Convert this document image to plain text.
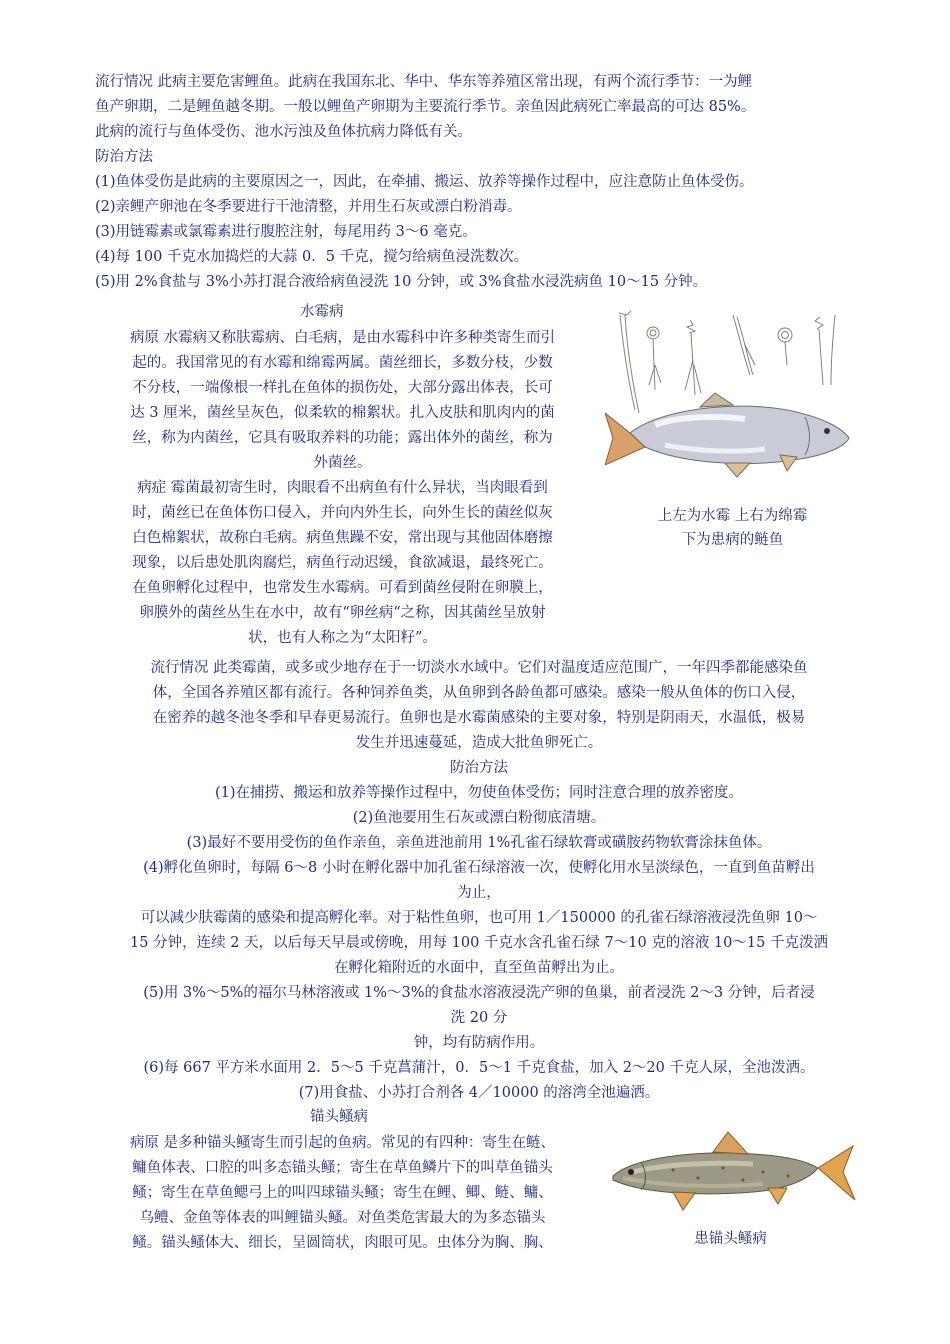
流行情况 此病主要危害鲤鱼。此病在我国东北、华中、华东等养殖区常出现，有两个流行季节：一为鲤
鱼产卵期，二是鲤鱼越冬期。一般以鲤鱼产卵期为主要流行季节。亲鱼因此病死亡率最高的可达 85%。
此病的流行与鱼体受伤、池水污浊及鱼体抗病力降低有关。
防治方法
(1)鱼体受伤是此病的主要原因之一，因此，在牵捕、搬运、放养等操作过程中，应注意防止鱼体受伤。
(2)亲鲤产卵池在冬季要进行干池清整，并用生石灰或漂白粉消毒。
(3)用链霉素或氯霉素进行腹腔注射，每尾用药 3～6 毫克。
(4)每 100 千克水加捣烂的大蒜 0．5 千克，搅匀给病鱼浸洗数次。
(5)用 2%食盐与 3%小苏打混合液给病鱼浸洗 10 分钟，或 3%食盐水浸洗病鱼 10～15 分钟。
水霉病
病原 水霉病又称肤霉病、白毛病，是由水霉科中许多种类寄生而引
起的。我国常见的有水霉和绵霉两属。菌丝细长，多数分枝，少数
不分枝，一端像根一样扎在鱼体的损伤处，大部分露出体表，长可
达 3 厘米，菌丝呈灰色，似柔软的棉絮状。扎入皮肤和肌肉内的菌
丝，称为内菌丝，它具有吸取养料的功能；露出体外的菌丝，称为
外菌丝。
病症 霉菌最初寄生时，肉眼看不出病鱼有什么异状，当肉眼看到
时，菌丝已在鱼体伤口侵入，并向内外生长，向外生长的菌丝似灰
白色棉絮状，故称白毛病。病鱼焦躁不安，常出现与其他固体磨擦
现象，以后患处肌肉腐烂，病鱼行动迟缓，食欲减退，最终死亡。
在鱼卵孵化过程中，也常发生水霉病。可看到菌丝侵附在卵膜上，
卵膜外的菌丝丛生在水中，故有“卵丝病“之称，因其菌丝呈放射
状，也有人称之为“太阳籽”。
上左为水霉 上右为绵霉
下为患病的鲢鱼
流行情况 此类霉菌，或多或少地存在于一切淡水水域中。它们对温度适应范围广，一年四季都能感染鱼
体，全国各养殖区都有流行。各种饲养鱼类，从鱼卵到各龄鱼都可感染。感染一般从鱼体的伤口入侵，
在密养的越冬池冬季和早春更易流行。鱼卵也是水霉菌感染的主要对象，特别是阴雨天，水温低，极易
发生并迅速蔓延，造成大批鱼卵死亡。
防治方法
(1)在捕捞、搬运和放养等操作过程中，勿使鱼体受伤；同时注意合理的放养密度。
(2)鱼池要用生石灰或漂白粉彻底清塘。
(3)最好不要用受伤的鱼作亲鱼，亲鱼进池前用 1%孔雀石绿软膏或磺胺药物软膏涂抹鱼体。
(4)孵化鱼卵时，每隔 6～8 小时在孵化器中加孔雀石绿溶液一次，使孵化用水呈淡绿色，一直到鱼苗孵出
为止，
可以减少肤霉菌的感染和提高孵化率。对于粘性鱼卵，也可用 1／150000 的孔雀石绿溶液浸洗鱼卵 10～
15 分钟，连续 2 天，以后每天早晨或傍晚，用每 100 千克水含孔雀石绿 7～10 克的溶液 10～15 千克泼洒
在孵化箱附近的水面中，直至鱼苗孵出为止。
(5)用 3%～5%的福尔马林溶液或 1%～3%的食盐水溶液浸洗产卵的鱼巢，前者浸洗 2～3 分钟，后者浸
洗 20 分
钟，均有防病作用。
(6)每 667 平方米水面用 2．5～5 千克菖蒲汁，0．5～1 千克食盐，加入 2～20 千克人尿，全池泼洒。
(7)用食盐、小苏打合剂各 4／10000 的溶湾全池遍洒。
锚头鳋病
病原 是多种锚头鳋寄生而引起的鱼病。常见的有四种：寄生在鲢、
鳙鱼体表、口腔的叫多态锚头鳋；寄生在草鱼鳞片下的叫草鱼锚头
鳋；寄生在草鱼鳃弓上的叫四球锚头鳋；寄生在鲤、鲫、鲢、鳙、
乌鳢、金鱼等体表的叫鲤锚头鳋。对鱼类危害最大的为多态锚头
鳋。锚头鳋体大、细长，呈圆筒状，肉眼可见。虫体分为胸、胸、	患锚头鳋病
